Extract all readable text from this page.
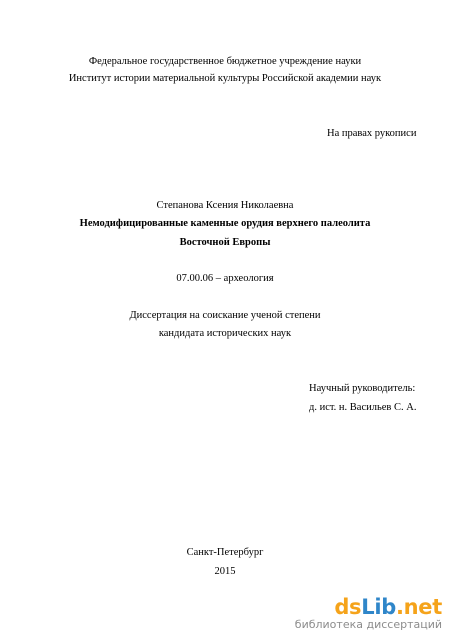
Федеральное государственное бюджетное учреждение науки
Институт истории материальной культуры Российской академии наук
На правах рукописи
Степанова Ксения Николаевна
Немодифицированные каменные орудия верхнего палеолита
Восточной Европы
07.00.06 – археология
Диссертация на соискание ученой степени
кандидата исторических наук
Научный руководитель:
д. ист. н. Васильев С. А.
Санкт-Петербург
2015
dsLib.net
библиотека диссертаций
